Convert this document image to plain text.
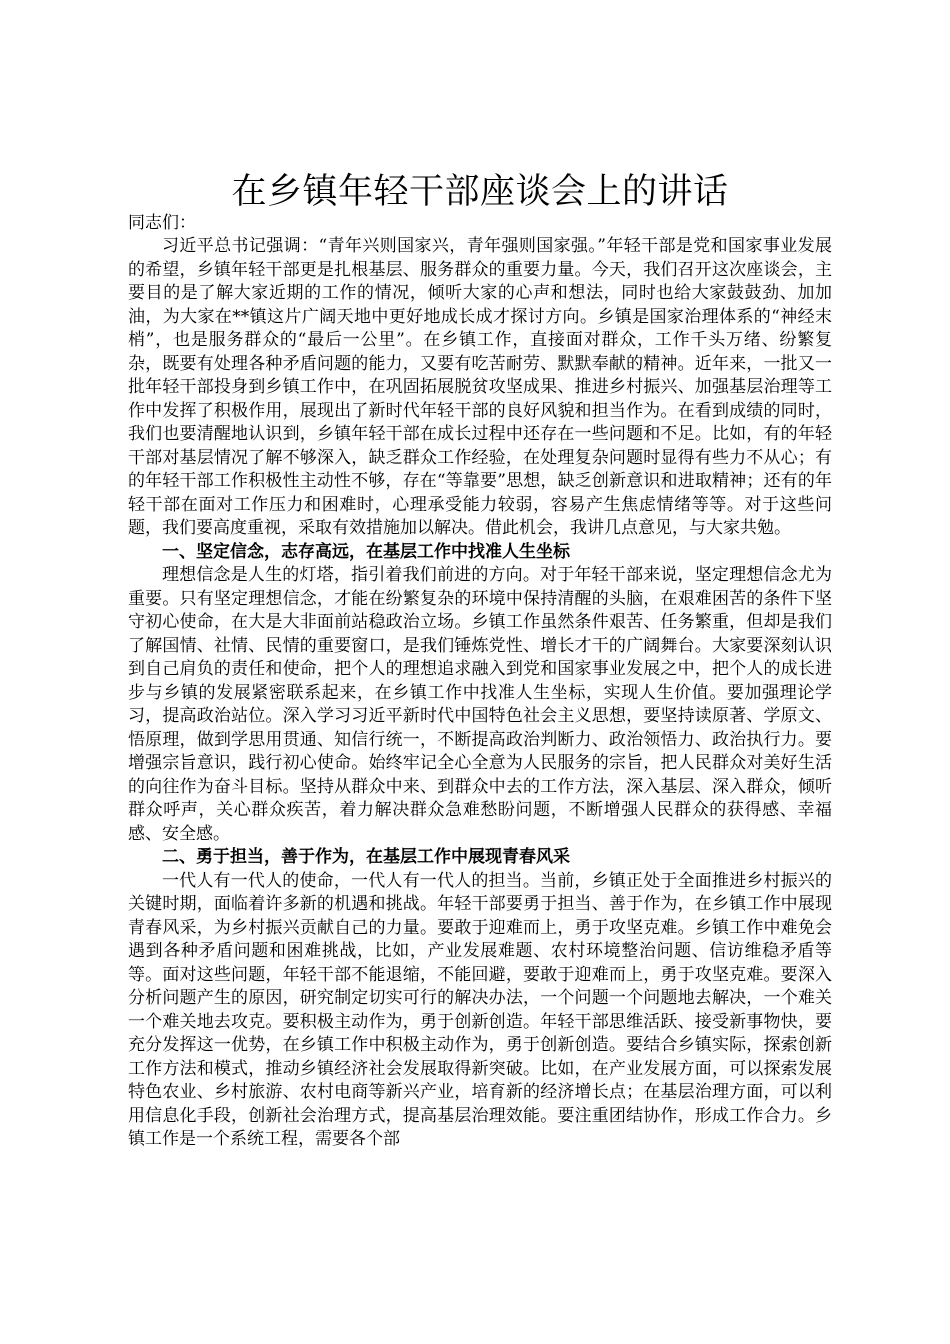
在乡镇年轻干部座谈会上的讲话

同志们：

习近平总书记强调：“青年兴则国家兴，青年强则国家强。”年轻干部是党和国家事业发展的希望，乡镇年轻干部更是扎根基层、服务群众的重要力量。今天，我们召开这次座谈会，主要目的是了解大家近期的工作的情况，倾听大家的心声和想法，同时也给大家鼓鼓劲、加加油，为大家在**镇这片广阔天地中更好地成长成才探讨方向。乡镇是国家治理体系的“神经末梢”，也是服务群众的“最后一公里”。在乡镇工作，直接面对群众，工作千头万绪、纷繁复杂，既要有处理各种矛盾问题的能力，又要有吃苦耐劳、默默奉献的精神。近年来，一批又一批年轻干部投身到乡镇工作中，在巩固拓展脱贫攻坚成果、推进乡村振兴、加强基层治理等工作中发挥了积极作用，展现出了新时代年轻干部的良好风貌和担当作为。在看到成绩的同时，我们也要清醒地认识到，乡镇年轻干部在成长过程中还存在一些问题和不足。比如，有的年轻干部对基层情况了解不够深入，缺乏群众工作经验，在处理复杂问题时显得有些力不从心；有的年轻干部工作积极性主动性不够，存在“等靠要”思想，缺乏创新意识和进取精神；还有的年轻干部在面对工作压力和困难时，心理承受能力较弱，容易产生焦虑情绪等等。对于这些问题，我们要高度重视，采取有效措施加以解决。借此机会，我讲几点意见，与大家共勉。

一、坚定信念，志存高远，在基层工作中找准人生坐标

理想信念是人生的灯塔，指引着我们前进的方向。对于年轻干部来说，坚定理想信念尤为重要。只有坚定理想信念，才能在纷繁复杂的环境中保持清醒的头脑，在艰难困苦的条件下坚守初心使命，在大是大非面前站稳政治立场。乡镇工作虽然条件艰苦、任务繁重，但却是我们了解国情、社情、民情的重要窗口，是我们锤炼党性、增长才干的广阔舞台。大家要深刻认识到自己肩负的责任和使命，把个人的理想追求融入到党和国家事业发展之中，把个人的成长进步与乡镇的发展紧密联系起来，在乡镇工作中找准人生坐标，实现人生价值。要加强理论学习，提高政治站位。深入学习习近平新时代中国特色社会主义思想，要坚持读原著、学原文、悟原理，做到学思用贯通、知信行统一，不断提高政治判断力、政治领悟力、政治执行力。要增强宗旨意识，践行初心使命。始终牢记全心全意为人民服务的宗旨，把人民群众对美好生活的向往作为奋斗目标。坚持从群众中来、到群众中去的工作方法，深入基层、深入群众，倾听群众呼声，关心群众疾苦，着力解决群众急难愁盼问题，不断增强人民群众的获得感、幸福感、安全感。

二、勇于担当，善于作为，在基层工作中展现青春风采

一代人有一代人的使命，一代人有一代人的担当。当前，乡镇正处于全面推进乡村振兴的关键时期，面临着许多新的机遇和挑战。年轻干部要勇于担当、善于作为，在乡镇工作中展现青春风采，为乡村振兴贡献自己的力量。要敢于迎难而上，勇于攻坚克难。乡镇工作中难免会遇到各种矛盾问题和困难挑战，比如，产业发展难题、农村环境整治问题、信访维稳矛盾等等。面对这些问题，年轻干部不能退缩，不能回避，要敢于迎难而上，勇于攻坚克难。要深入分析问题产生的原因，研究制定切实可行的解决办法，一个问题一个问题地去解决，一个难关一个难关地去攻克。要积极主动作为，勇于创新创造。年轻干部思维活跃、接受新事物快，要充分发挥这一优势，在乡镇工作中积极主动作为，勇于创新创造。要结合乡镇实际，探索创新工作方法和模式，推动乡镇经济社会发展取得新突破。比如，在产业发展方面，可以探索发展特色农业、乡村旅游、农村电商等新兴产业，培育新的经济增长点；在基层治理方面，可以利用信息化手段，创新社会治理方式，提高基层治理效能。要注重团结协作，形成工作合力。乡镇工作是一个系统工程，需要各个部
